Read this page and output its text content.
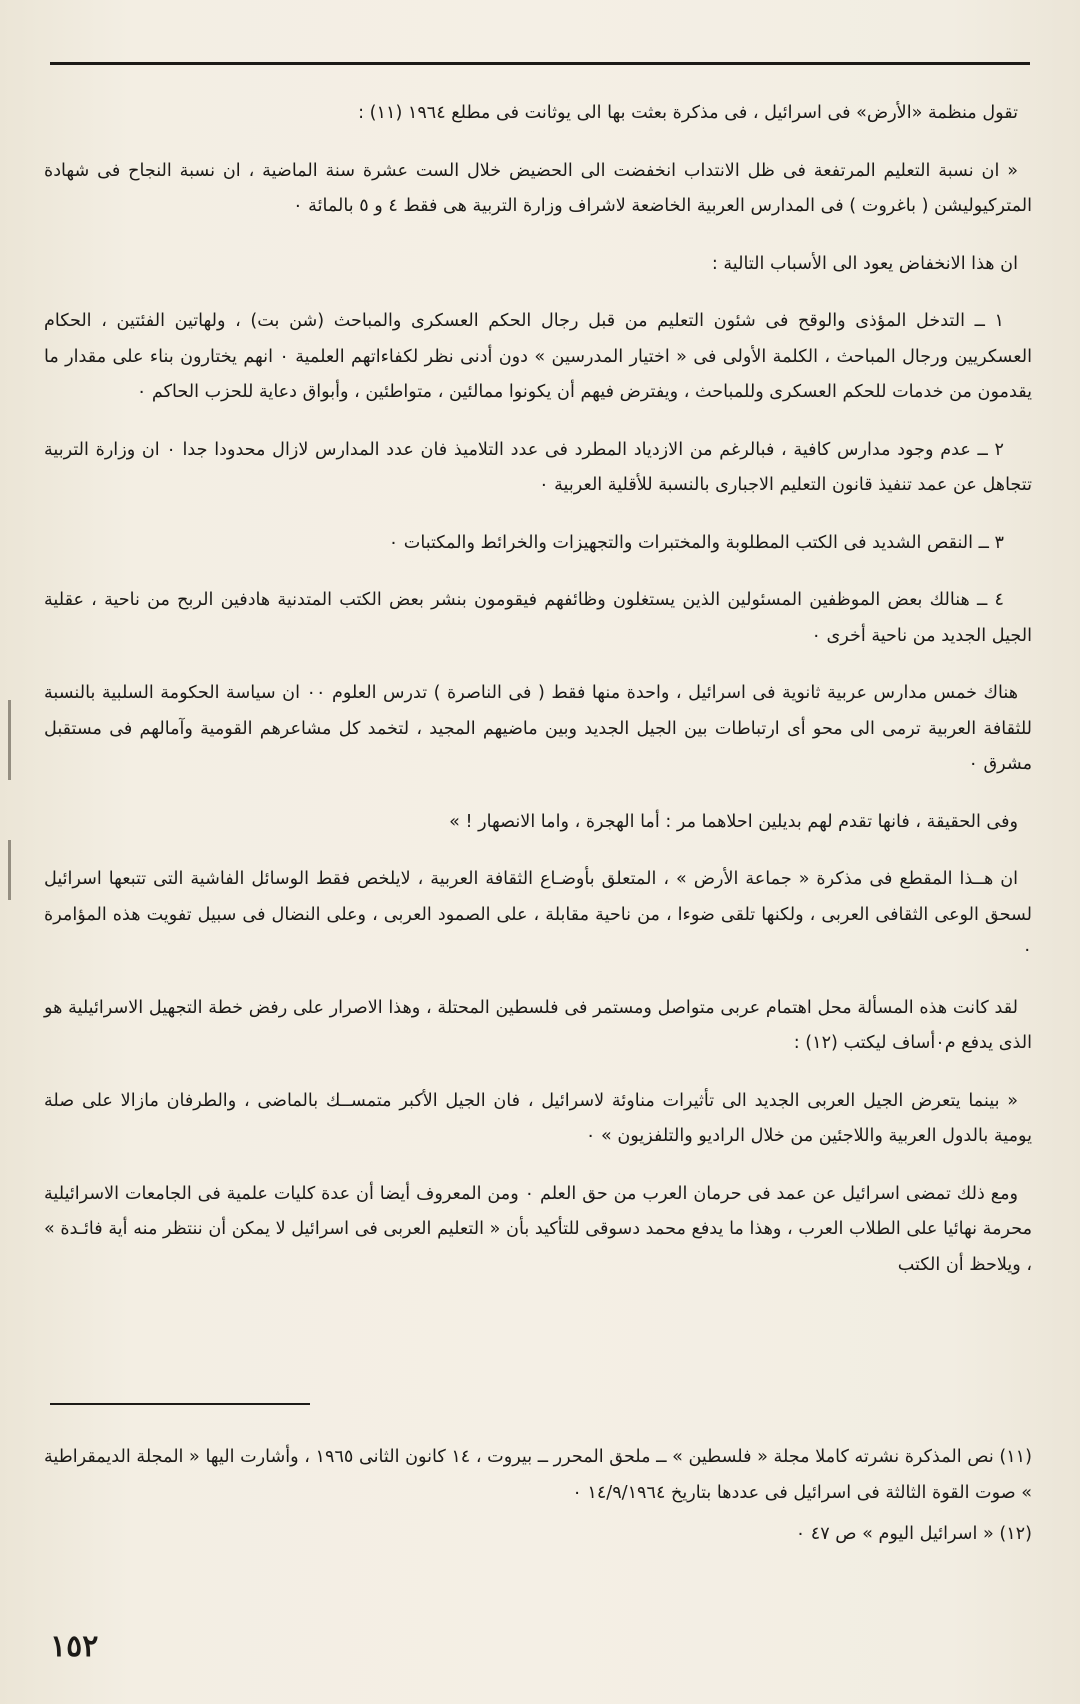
تقول منظمة «الأرض» فى اسرائيل ، فى مذكرة بعثت بها الى يوثانت فى مطلع ١٩٦٤ (١١) :

« ان نسبة التعليم المرتفعة فى ظل الانتداب انخفضت الى الحضيض خلال الست عشرة سنة الماضية ، ان نسبة النجاح فى شهادة المتركيوليشن ( باغروت ) فى المدارس العربية الخاضعة لاشراف وزارة التربية هى فقط ٤ و ٥ بالمائة ٠

ان هذا الانخفاض يعود الى الأسباب التالية :

١ ــ التدخل المؤذى والوقح فى شئون التعليم من قبل رجال الحكم العسكرى والمباحث (شن بت) ، ولهاتين الفئتين ، الحكام العسكريين ورجال المباحث ، الكلمة الأولى فى « اختيار المدرسين » دون أدنى نظر لكفاءاتهم العلمية ٠ انهم يختارون بناء على مقدار ما يقدمون من خدمات للحكم العسكرى وللمباحث ، ويفترض فيهم أن يكونوا ممالئين ، متواطئين ، وأبواق دعاية للحزب الحاكم ٠

٢ ــ عدم وجود مدارس كافية ، فبالرغم من الازدياد المطرد فى عدد التلاميذ فان عدد المدارس لازال محدودا جدا ٠ ان وزارة التربية تتجاهل عن عمد تنفيذ قانون التعليم الاجبارى بالنسبة للأقلية العربية ٠

٣ ــ النقص الشديد فى الكتب المطلوبة والمختبرات والتجهيزات والخرائط والمكتبات ٠

٤ ــ هنالك بعض الموظفين المسئولين الذين يستغلون وظائفهم فيقومون بنشر بعض الكتب المتدنية هادفين الربح من ناحية ، عقلية الجيل الجديد من ناحية أخرى ٠

هناك خمس مدارس عربية ثانوية فى اسرائيل ، واحدة منها فقط ( فى الناصرة ) تدرس العلوم ٠٠ ان سياسة الحكومة السلبية بالنسبة للثقافة العربية ترمى الى محو أى ارتباطات بين الجيل الجديد وبين ماضيهم المجيد ، لتخمد كل مشاعرهم القومية وآمالهم فى مستقبل مشرق ٠

وفى الحقيقة ، فانها تقدم لهم بديلين احلاهما مر : أما الهجرة ، واما الانصهار ! »

ان هــذا المقطع فى مذكرة « جماعة الأرض » ، المتعلق بأوضـاع الثقافة العربية ، لايلخص فقط الوسائل الفاشية التى تتبعها اسرائيل لسحق الوعى الثقافى العربى ، ولكنها تلقى ضوءا ، من ناحية مقابلة ، على الصمود العربى ، وعلى النضال فى سبيل تفويت هذه المؤامرة ٠

لقد كانت هذه المسألة محل اهتمام عربى متواصل ومستمر فى فلسطين المحتلة ، وهذا الاصرار على رفض خطة التجهيل الاسرائيلية هو الذى يدفع م٠أساف ليكتب (١٢) :

« بينما يتعرض الجيل العربى الجديد الى تأثيرات مناوئة لاسرائيل ، فان الجيل الأكبر متمســك بالماضى ، والطرفان مازالا على صلة يومية بالدول العربية واللاجئين من خلال الراديو والتلفزيون » ٠

ومع ذلك تمضى اسرائيل عن عمد فى حرمان العرب من حق العلم ٠ ومن المعروف أيضا أن عدة كليات علمية فى الجامعات الاسرائيلية محرمة نهائيا على الطلاب العرب ، وهذا ما يدفع محمد دسوقى للتأكيد بأن « التعليم العربى فى اسرائيل لا يمكن أن ننتظر منه أية فائـدة » ، ويلاحظ أن الكتب

(١١) نص المذكرة نشرته كاملا مجلة « فلسطين » ــ ملحق المحرر ــ بيروت ، ١٤ كانون الثانى ١٩٦٥ ، وأشارت اليها « المجلة الديمقراطية » صوت القوة الثالثة فى اسرائيل فى عددها بتاريخ ١٤/٩/١٩٦٤ ٠

(١٢) « اسرائيل اليوم » ص ٤٧ ٠

١٥٢
